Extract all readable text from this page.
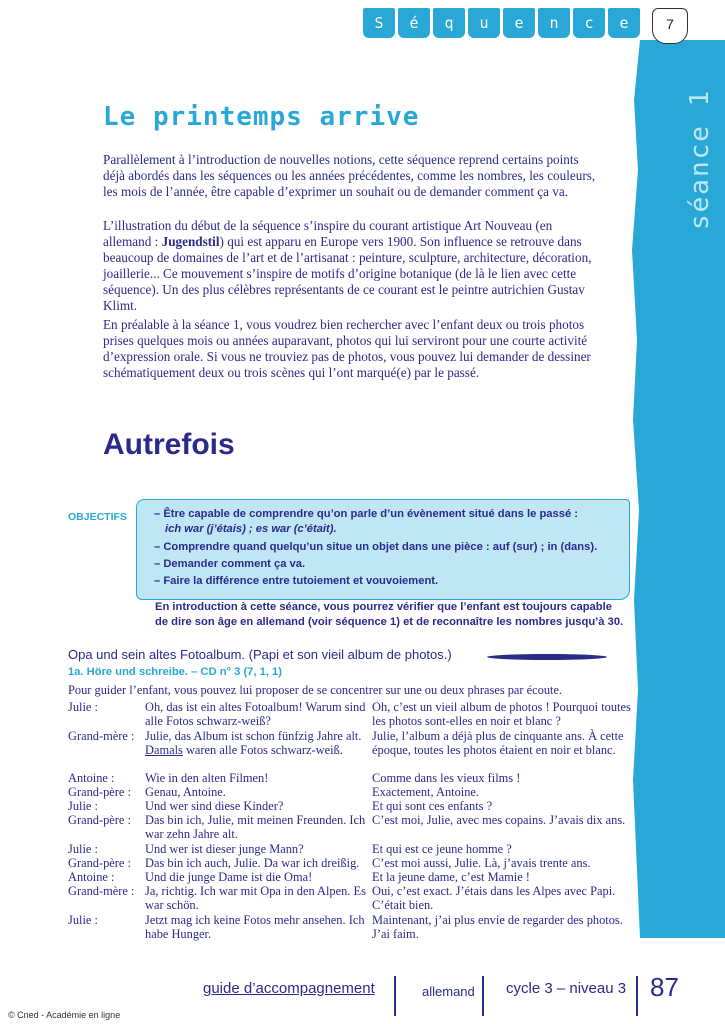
séance 1
S	é	q	u	e	n	c	e	7
Le printemps arrive

Parallèlement à l’introduction de nouvelles notions, cette séquence reprend certains points déjà abordés dans les séquences ou les années précédentes, comme les nombres, les couleurs, les mois de l’année, être capable d’exprimer un souhait ou de demander comment ça va.

L’illustration du début de la séquence s’inspire du courant artistique Art Nouveau (en allemand : Jugendstil) qui est apparu en Europe vers 1900. Son influence se retrouve dans beaucoup de domaines de l’art et de l’artisanat : peinture, sculpture, architecture, décoration, joaillerie... Ce mouvement s’inspire de motifs d’origine botanique (de là le lien avec cette séquence). Un des plus célèbres représentants de ce courant est le peintre autrichien Gustav Klimt.

En préalable à la séance 1, vous voudrez bien rechercher avec l’enfant deux ou trois photos prises quelques mois ou années auparavant, photos qui lui serviront pour une courte activité d’expression orale. Si vous ne trouviez pas de photos, vous pouvez lui demander de dessiner schématiquement deux ou trois scènes qui l’ont marqué(e) par le passé.

Autrefois
OBJECTIFS – Être capable de comprendre qu’on parle d’un évènement situé dans le passé :
ich war (j’étais) ; es war (c’était).
– Comprendre quand quelqu’un situe un objet dans une pièce : auf (sur) ; in (dans).
– Demander comment ça va.
– Faire la différence entre tutoiement et vouvoiement.
En introduction à cette séance, vous pourrez vérifier que l’enfant est toujours capable
de dire son âge en allemand (voir séquence 1) et de reconnaître les nombres jusqu’à 30.
Opa und sein altes Fotoalbum. (Papi et son vieil album de photos.)
1a. Höre und schreibe. – CD n° 3 (7, 1, 1)
Pour guider l’enfant, vous pouvez lui proposer de se concentrer sur une ou deux phrases par écoute.
Julie :	Oh, das ist ein altes Fotoalbum! Warum sind alle Fotos schwarz-weiß?
Oh, c’est un vieil album de photos ! Pourquoi toutes les photos sont-elles en noir et blanc ?
Grand-mère : Julie, das Album ist schon fünfzig Jahre alt. Damals waren alle Fotos schwarz-weiß.
Julie, l’album a déjà plus de cinquante ans. À cette époque, toutes les photos étaient en noir et blanc.
Antoine : Wie in den alten Filmen!	Comme dans les vieux films !
Grand-père : Genau, Antoine.	Exactement, Antoine.
Julie :	Und wer sind diese Kinder?	Et qui sont ces enfants ?
Grand-père : Das bin ich, Julie, mit meinen Freunden. Ich war zehn Jahre alt.
C’est moi, Julie, avec mes copains. J’avais dix ans.
Julie :	Und wer ist dieser junge Mann?	Et qui est ce jeune homme ?
Grand-père : Das bin ich auch, Julie. Da war ich dreißig.	C’est moi aussi, Julie. Là, j’avais trente ans.
Antoine : Und die junge Dame ist die Oma!	Et la jeune dame, c’est Mamie !
Grand-mère : Ja, richtig. Ich war mit Opa in den Alpen. Es war schön.
Oui, c’est exact. J’étais dans les Alpes avec Papi. C’était bien.
Julie :	Jetzt mag ich keine Fotos mehr ansehen. Ich habe Hunger.
Maintenant, j’ai plus envie de regarder des photos. J’ai faim.
guide d’accompagnement	allemand cycle 3 – niveau 3 87
© Cned - Académie en ligne
